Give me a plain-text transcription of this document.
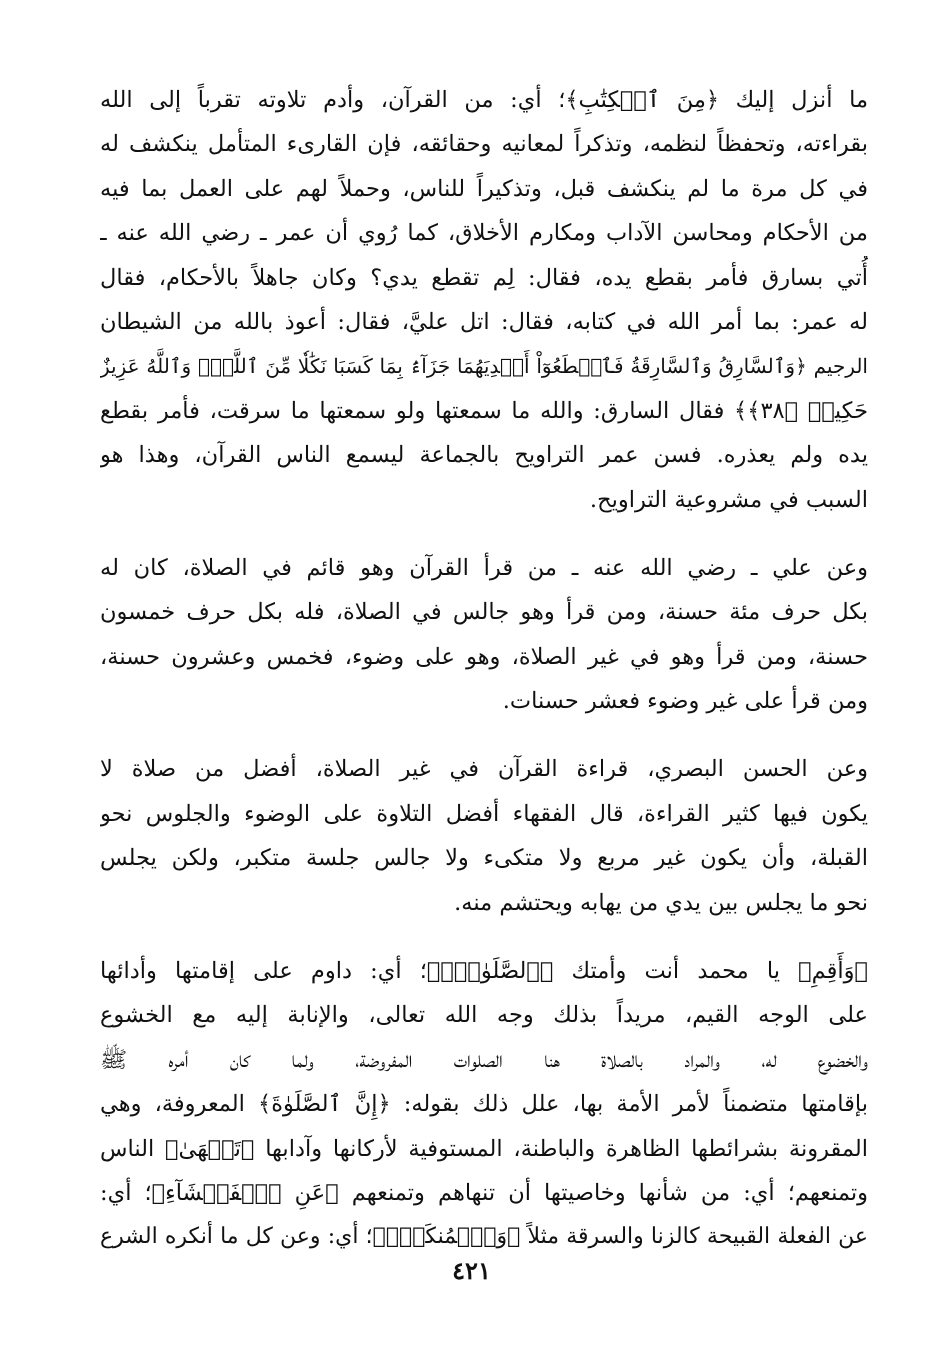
ما أنزل إليك ﴿مِنَ ٱلۡكِتَٰبِ﴾؛ أي: من القرآن، وأدم تلاوته تقرباً إلى الله
بقراءته، وتحفظاً لنظمه، وتذكراً لمعانيه وحقائقه، فإن القارىء المتأمل ينكشف له
في كل مرة ما لم ينكشف قبل، وتذكيراً للناس، وحملاً لهم على العمل بما فيه
من الأحكام ومحاسن الآداب ومكارم الأخلاق، كما رُوي أن عمر ـ رضي الله عنه ـ
أُتي بسارق فأمر بقطع يده، فقال: لِم تقطع يدي؟ وكان جاهلاً بالأحكام، فقال
له عمر: بما أمر الله في كتابه، فقال: اتل عليَّ، فقال: أعوذ بالله من الشيطان
الرجيم ﴿وَٱلسَّارِقُ وَٱلسَّارِقَةُ فَٱقۡطَعُوٓاْ أَيۡدِيَهُمَا جَزَآءَۢ بِمَا كَسَبَا نَكَٰلٗا مِّنَ ٱللَّهِۗ وَٱللَّهُ عَزِيزٌ
حَكِيمٞ ﴿٣٨﴾﴾ فقال السارق: والله ما سمعتها ولو سمعتها ما سرقت، فأمر بقطع
يده ولم يعذره. فسن عمر التراويح بالجماعة ليسمع الناس القرآن، وهذا هو
السبب في مشروعية التراويح.
وعن علي ـ رضي الله عنه ـ من قرأ القرآن وهو قائم في الصلاة، كان له
بكل حرف مئة حسنة، ومن قرأ وهو جالس في الصلاة، فله بكل حرف خمسون
حسنة، ومن قرأ وهو في غير الصلاة، وهو على وضوء، فخمس وعشرون حسنة،
ومن قرأ على غير وضوء فعشر حسنات.
وعن الحسن البصري، قراءة القرآن في غير الصلاة، أفضل من صلاة لا
يكون فيها كثير القراءة، قال الفقهاء أفضل التلاوة على الوضوء والجلوس نحو
القبلة، وأن يكون غير مربع ولا متكىء ولا جالس جلسة متكبر، ولكن يجلس
نحو ما يجلس بين يدي من يهابه ويحتشم منه.
﴿وَأَقِمِ﴾ يا محمد أنت وأمتك ﴿ٱلصَّلَوٰةَۖ﴾؛ أي: داوم على إقامتها وأدائها
على الوجه القيم، مريداً بذلك وجه الله تعالى، والإنابة إليه مع الخشوع
والخضوع له، والمراد بالصلاة هنا الصلوات المفروضة، ولما كان أمره ﷺ
بإقامتها متضمناً لأمر الأمة بها، علل ذلك بقوله: ﴿إِنَّ ٱلصَّلَوٰةَ﴾ المعروفة، وهي
المقرونة بشرائطها الظاهرة والباطنة، المستوفية لأركانها وآدابها ﴿تَنۡهَىٰ﴾ الناس
وتمنعهم؛ أي: من شأنها وخاصيتها أن تنهاهم وتمنعهم ﴿عَنِ ٱلۡفَحۡشَآءِ﴾؛ أي:
عن الفعلة القبيحة كالزنا والسرقة مثلاً ﴿وَٱلۡمُنكَرِۗ﴾؛ أي: وعن كل ما أنكره الشرع
٤٢١
